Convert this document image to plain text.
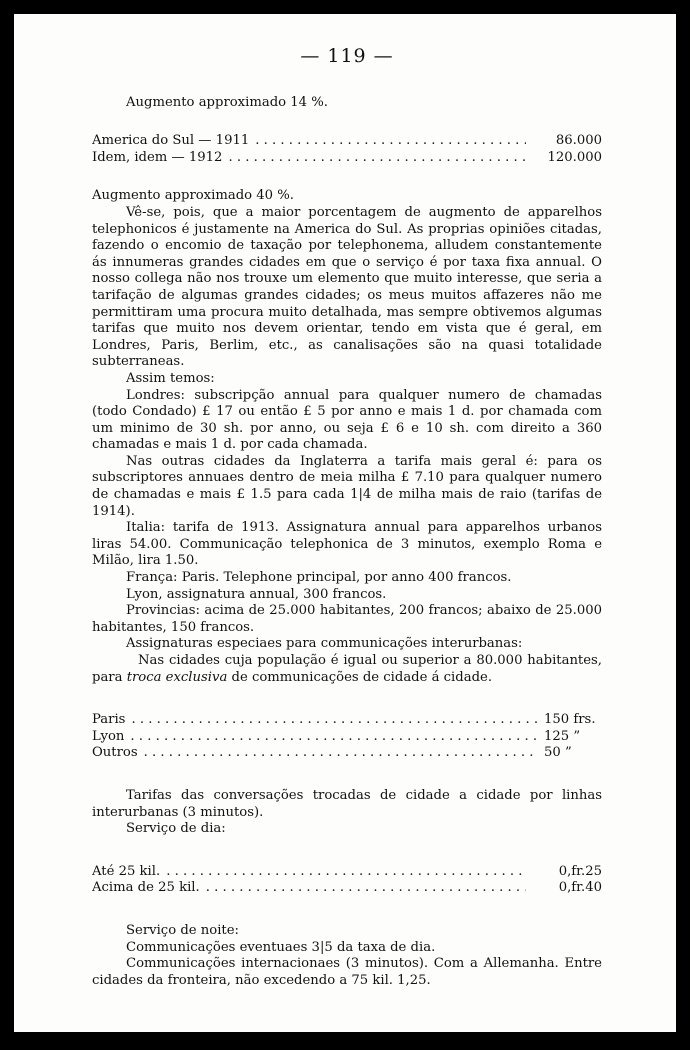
— 119 —

Augmento approximado 14 %.

America do Sul — 1911 . . .	86.000
Idem, idem — 1912 . . .	120.000

Augmento approximado 40 %.

Vê-se, pois, que a maior porcentagem de augmento de apparelhos telephonicos é justamente na America do Sul. As proprias opiniões citadas, fazendo o encomio de taxação por telephonema, alludem constantemente ás innumeras grandes cidades em que o serviço é por taxa fixa annual. O nosso collega não nos trouxe um elemento que muito interesse, que seria a tarifação de algumas grandes cidades; os meus muitos affazeres não me permittiram uma procura muito detalhada, mas sempre obtivemos algumas tarifas que muito nos devem orientar, tendo em vista que é geral, em Londres, Paris, Berlim, etc., as canalisações são na quasi totalidade subterraneas.

Assim temos:

Londres: subscripção annual para qualquer numero de chamadas (todo Condado) £ 17 ou então £ 5 por anno e mais 1 d. por chamada com um minimo de 30 sh. por anno, ou seja £ 6 e 10 sh. com direito a 360 chamadas e mais 1 d. por cada chamada.

Nas outras cidades da Inglaterra a tarifa mais geral é: para os subscriptores annuaes dentro de meia milha £ 7.10 para qualquer numero de chamadas e mais £ 1.5 para cada 1|4 de milha mais de raio (tarifas de 1914).

Italia: tarifa de 1913. Assignatura annual para apparelhos urbanos liras 54.00. Communicação telephonica de 3 minutos, exemplo Roma e Milão, lira 1.50.

França: Paris. Telephone principal, por anno 400 francos.

Lyon, assignatura annual, 300 francos.

Provincias: acima de 25.000 habitantes, 200 francos; abaixo de 25.000 habitantes, 150 francos.

Assignaturas especiaes para communicações interurbanas:

Nas cidades cuja população é igual ou superior a 80.000 habitantes, para troca exclusiva de communicações de cidade á cidade.

Paris . . .	150 frs.
Lyon . . .	125 ”
Outros . . .	50 ”

Tarifas das conversações trocadas de cidade a cidade por linhas interurbanas (3 minutos).

Serviço de dia:

Até 25 kil. . . .	0,fr.25
Acima de 25 kil. . . .	0,fr.40

Serviço de noite:

Communicações eventuaes 3|5 da taxa de dia.

Communicações internacionaes (3 minutos). Com a Allemanha. Entre cidades da fronteira, não excedendo a 75 kil. 1,25.
